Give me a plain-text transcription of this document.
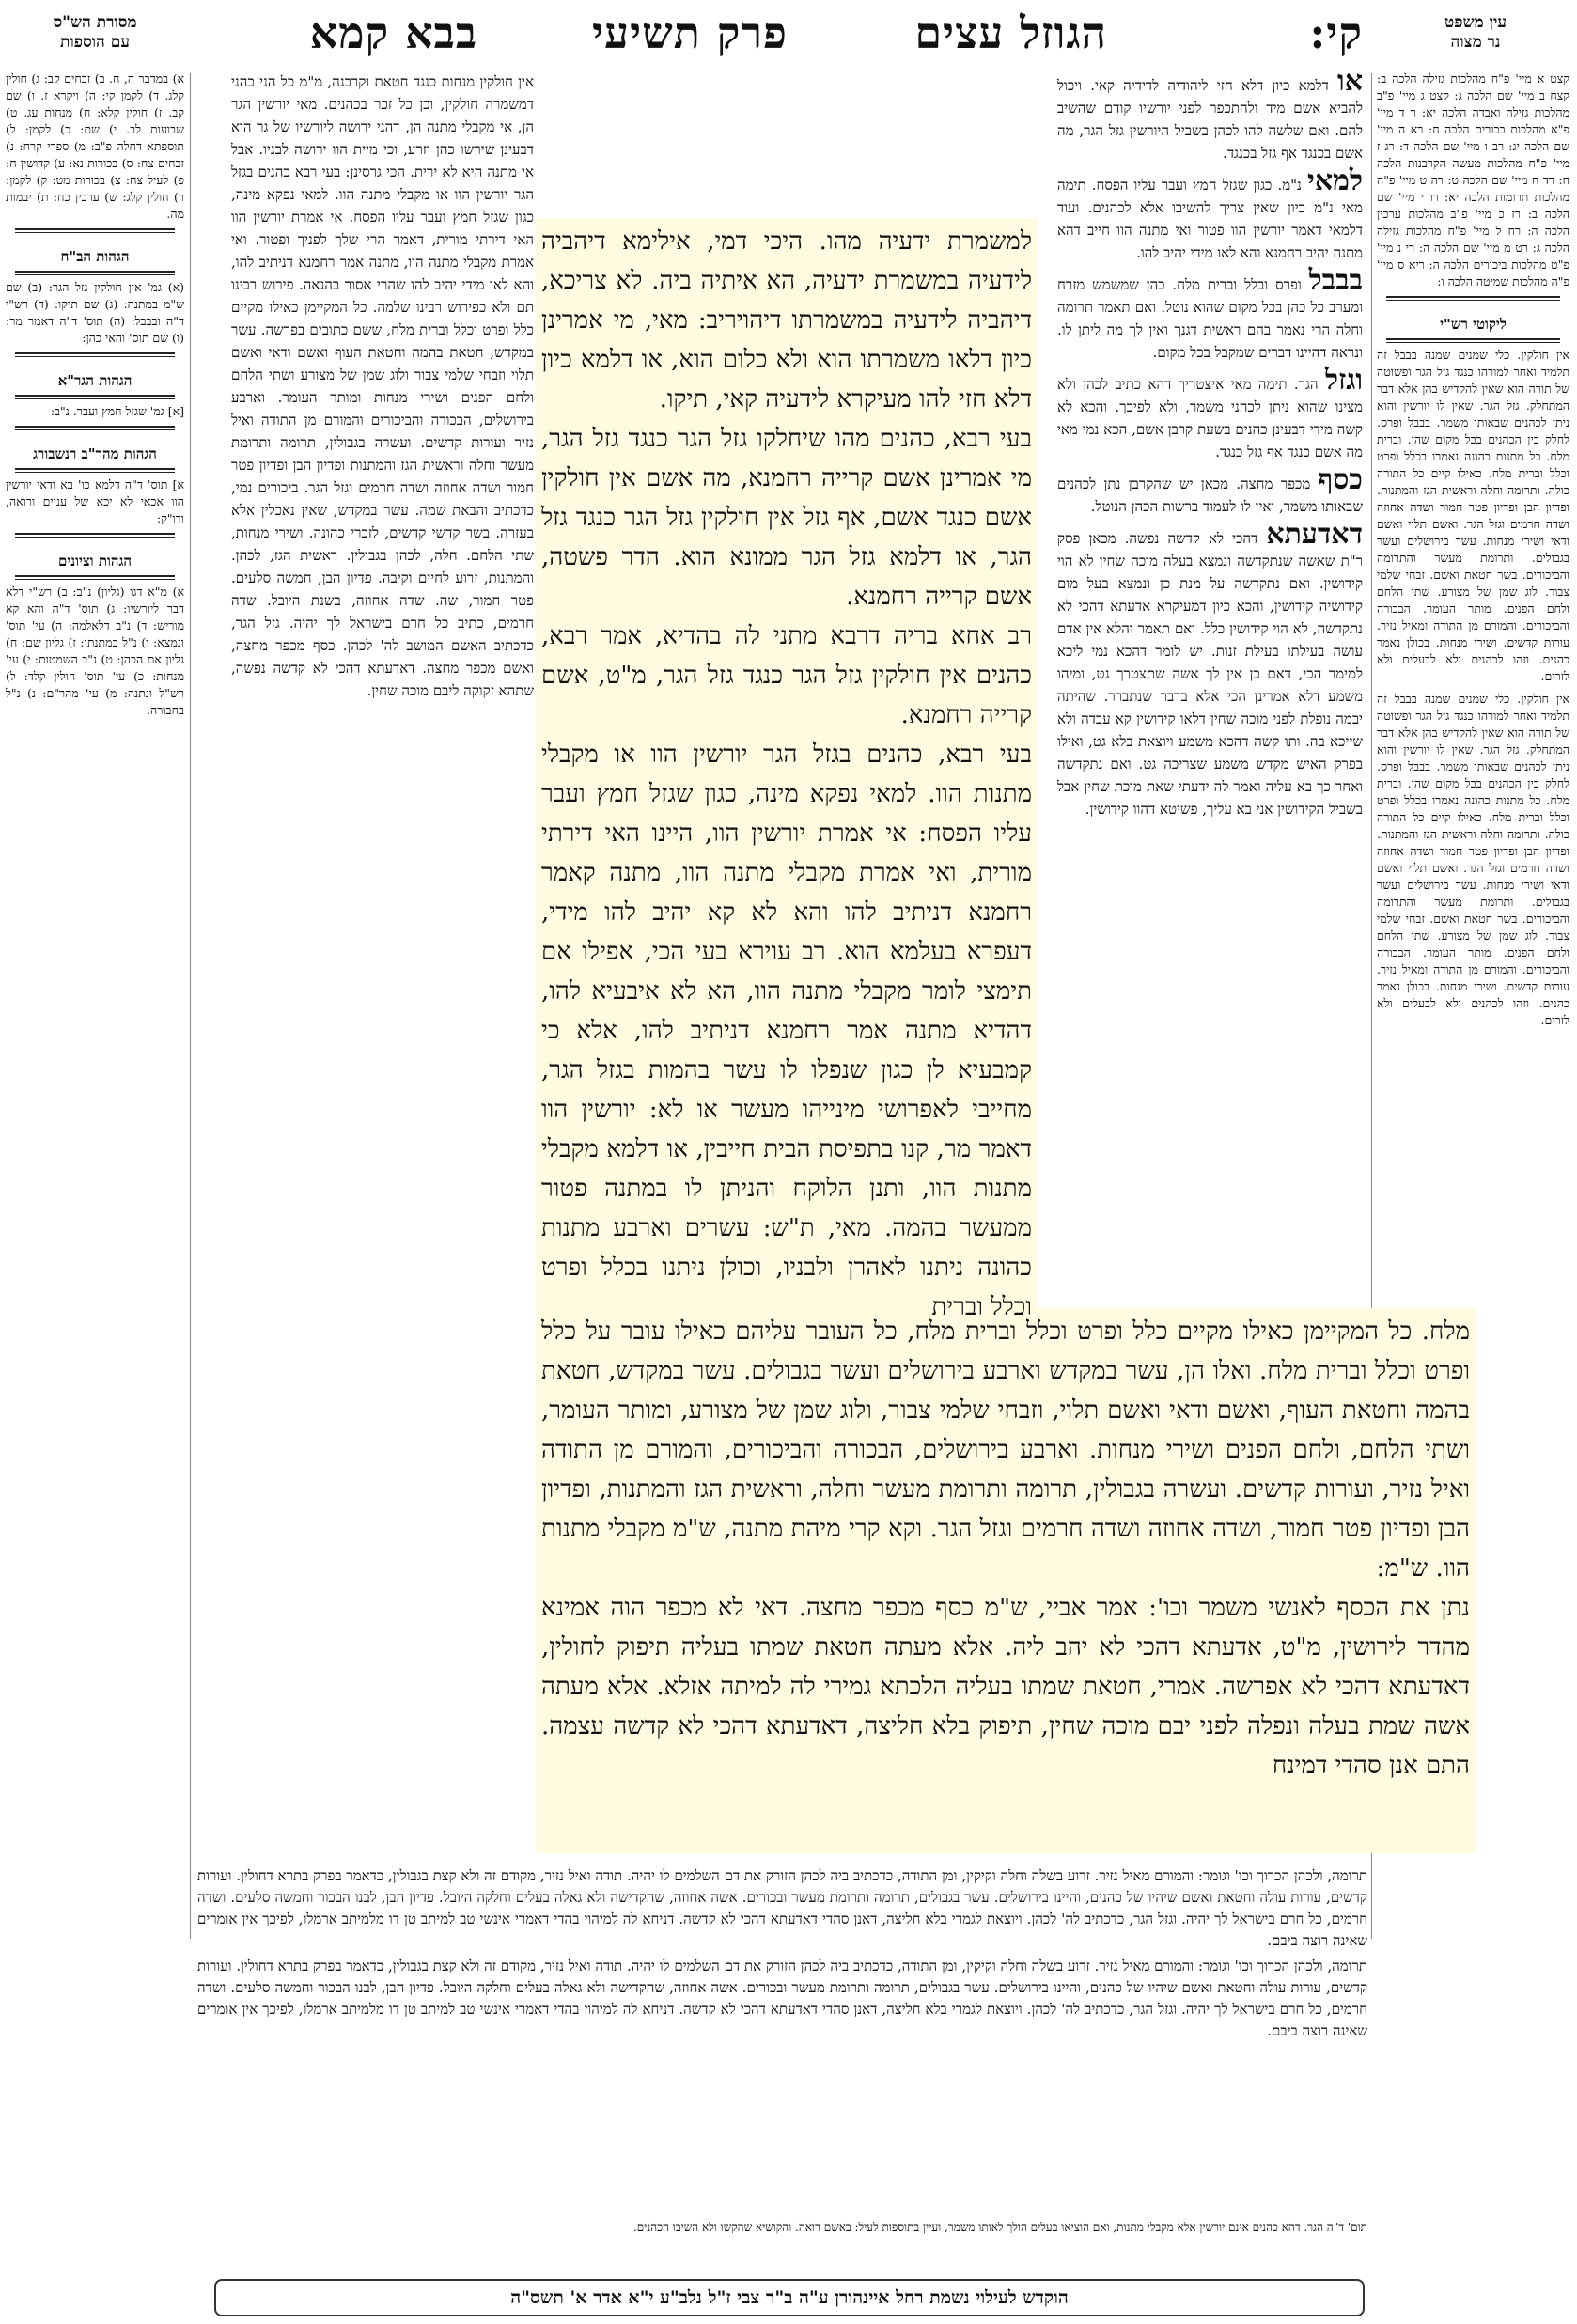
עין משפט
נר מצוה
קי:
הגוזל עצים
פרק תשיעי
בבא קמא
מסורת הש"ס
עם הוספות

קצט א מיי' פ"ח מהלכות גזילה הלכה ב: קצח ב מיי' שם הלכה ג: קצט ג מיי' פ"ב מהלכות גזילה ואבדה הלכה יא: ר ד מיי' פ"א מהלכות בכורים הלכה ח: רא ה מיי' שם הלכה יג: רב ו מיי' שם הלכה ד: רג ז מיי' פ"ח מהלכות מעשה הקרבנות הלכה ח: רד ח מיי' שם הלכה ט: רה ט מיי' פ"ה מהלכות תרומות הלכה יא: רו י מיי' שם הלכה ב: רז כ מיי' פ"ב מהלכות ערכין הלכה ה: רח ל מיי' פ"ח מהלכות גזילה הלכה ג: רט מ מיי' שם הלכה ה: רי נ מיי' פ"ט מהלכות ביכורים הלכה ה: ריא ס מיי' פ"ה מהלכות שמיטה הלכה ו:

ליקוטי רש"י

אין חולקין. כלי שמנים שמנה בבבל זה תלמיד ואחר למורהו כנגד גזל הגר ופשוטה של תורה הוא שאין להקדיש בהן אלא דבר המתחלק. גזל הגר. שאין לו יורשין והוא ניתן לכהנים שבאותו משמר. בבבל ופרס. לחלק בין הכהנים בכל מקום שהן. וברית מלח. כל מתנות כהונה נאמרו בכלל ופרט וכלל וברית מלח. כאילו קיים כל התורה כולה. ותרומה וחלה וראשית הגז והמתנות. ופדיון הבן ופדיון פטר חמור ושדה אחוזה ושדה חרמים וגזל הגר. ואשם תלוי ואשם ודאי ושירי מנחות. עשר בירושלים ועשר בגבולים. ותרומת מעשר והתרומה והביכורים. בשר חטאת ואשם. זבחי שלמי צבור. לוג שמן של מצורע. שתי הלחם ולחם הפנים. מותר העומר. הבכורה והביכורים. והמורם מן התודה ומאיל נזיר. עורות קדשים. ושירי מנחות. בכולן נאמר כהנים. וזהו לכהנים ולא לבעלים ולא לזרים.

אין חולקין. כלי שמנים שמנה בבבל זה תלמיד ואחר למורהו כנגד גזל הגר ופשוטה של תורה הוא שאין להקדיש בהן אלא דבר המתחלק. גזל הגר. שאין לו יורשין והוא ניתן לכהנים שבאותו משמר. בבבל ופרס. לחלק בין הכהנים בכל מקום שהן. וברית מלח. כל מתנות כהונה נאמרו בכלל ופרט וכלל וברית מלח. כאילו קיים כל התורה כולה. ותרומה וחלה וראשית הגז והמתנות. ופדיון הבן ופדיון פטר חמור ושדה אחוזה ושדה חרמים וגזל הגר. ואשם תלוי ואשם ודאי ושירי מנחות. עשר בירושלים ועשר בגבולים. ותרומת מעשר והתרומה והביכורים. בשר חטאת ואשם. זבחי שלמי צבור. לוג שמן של מצורע. שתי הלחם ולחם הפנים. מותר העומר. הבכורה והביכורים. והמורם מן התודה ומאיל נזיר. עורות קדשים. ושירי מנחות. בכולן נאמר כהנים. וזהו לכהנים ולא לבעלים ולא לזרים.

או דלמא כיון דלא חזי ליהודיה לדידיה קאי. ויכול להביא אשם מיד ולהתכפר לפני יורשיו קודם שהשיב להם. ואם שלשה להו לכהן בשביל היורשין גזל הגר, מה אשם בכנגד אף גזל בכנגד.

למאי נ"מ. כגון שגזל חמץ ועבר עליו הפסח. תימה מאי נ"מ כיון שאין צריך להשיבו אלא לכהנים. ועוד דלמאי דאמר יורשין הוו פטור ואי מתנה הוו חייב דהא מתנה יהיב רחמנא והא לאו מידי יהיב להו.

בבבל ופרס ובלל וברית מלח. כהן שמשמש מזרח ומערב כל כהן בכל מקום שהוא נוטל. ואם תאמר תרומה וחלה הרי נאמר בהם ראשית דגנך ואין לך מה ליתן לו. ונראה דהיינו דברים שמקבל בכל מקום.

וגזל הגר. תימה מאי איצטריך דהא כתיב לכהן ולא מצינו שהוא ניתן לכהני משמר, ולא לפיכך. והכא לא קשה מידי דבעינן כהנים בשעת קרבן אשם, הכא נמי מאי מה אשם כנגד אף גזל כנגד.

כסף מכפר מחצה. מכאן יש שהקרבן נתן לכהנים שבאותו משמר, ואין לו לעמוד ברשות הכהן הנוטל.

דאדעתא דהכי לא קדשה נפשה. מכאן פסק ר"ת שאשה שנתקדשה ונמצא בעלה מוכה שחין לא הוי קידושין. ואם נתקדשה על מנת כן ונמצא בעל מום קידושיה קידושין, והכא כיון דמעיקרא אדעתא דהכי לא נתקדשה, לא הוי קידושין כלל. ואם תאמר והלא אין אדם עושה בעילתו בעילת זנות. יש לומר דהכא נמי ליכא למימר הכי, דאם כן אין לך אשה שתצטרך גט, ומיהו משמע דלא אמרינן הכי אלא בדבר שנתברר. שהיתה יבמה נופלת לפני מוכה שחין דלאו קידושין קא עבדה ולא שייכא בה. ותו קשה דהכא משמע ויוצאת בלא גט, ואילו בפרק האיש מקדש משמע שצריכה גט. ואם נתקדשה ואחר כך בא עליה ואמר לה ידעתי שאת מוכת שחין אבל בשביל הקידושין אני בא עליך, פשיטא דהוו קידושין.

אין חולקין מנחות כנגד חטאת וקרבנה, מ"מ כל הני כהני דמשמרה חולקין, וכן כל זכר בכהנים. מאי יורשין הגר הן, אי מקבלי מתנה הן, דהני ירושה ליורשיו של גר הוא דבעינן שירשו כהן וזרע, וכי מיית הוו ירושה לבניו. אבל אי מתנה היא לא ירית. הכי גרסינן: בעי רבא כהנים בגזל הגר יורשין הוו או מקבלי מתנה הוו. למאי נפקא מינה, כגון שגזל חמץ ועבר עליו הפסח. אי אמרת יורשין הוו האי דירתי מורית, דאמר הרי שלך לפניך ופטור. ואי אמרת מקבלי מתנה הוו, מתנה אמר רחמנא דניתיב להו, והא לאו מידי יהיב להו שהרי אסור בהנאה. פירוש רבינו תם ולא כפירוש רבינו שלמה. כל המקיימן כאילו מקיים כלל ופרט וכלל וברית מלח, ששם כתובים בפרשה. עשר במקדש, חטאת בהמה וחטאת העוף ואשם ודאי ואשם תלוי וזבחי שלמי צבור ולוג שמן של מצורע ושתי הלחם ולחם הפנים ושירי מנחות ומותר העומר. וארבע בירושלים, הבכורה והביכורים והמורם מן התודה ואיל נזיר ועורות קדשים. ועשרה בגבולין, תרומה ותרומת מעשר וחלה וראשית הגז והמתנות ופדיון הבן ופדיון פטר חמור ושדה אחוזה ושדה חרמים וגזל הגר. ביכורים נמי, כדכתיב והבאת שמה. עשר במקדש, שאין נאכלין אלא בעזרה. בשר קדשי קדשים, לזכרי כהונה. ושירי מנחות, שתי הלחם. חלה, לכהן בגבולין. ראשית הגז, לכהן. והמתנות, זרוע לחיים וקיבה. פדיון הבן, חמשה סלעים. פטר חמור, שה. שדה אחוזה, בשנת היובל. שדה חרמים, כתיב כל חרם בישראל לך יהיה. גזל הגר, כדכתיב האשם המושב לה' לכהן. כסף מכפר מחצה, ואשם מכפר מחצה. דאדעתא דהכי לא קדשה נפשה, שתהא זקוקה ליבם מוכה שחין.

למשמרת ידעיה מהו. היכי דמי, אילימא דיהביה לידעיה במשמרת ידעיה, הא איתיה ביה. לא צריכא, דיהביה לידעיה במשמרתו דיהויריב: מאי, מי אמרינן כיון דלאו משמרתו הוא ולא כלום הוא, או דלמא כיון דלא חזי להו מעיקרא לידעיה קאי, תיקו.

בעי רבא, כהנים מהו שיחלקו גזל הגר כנגד גזל הגר, מי אמרינן אשם קרייה רחמנא, מה אשם אין חולקין אשם כנגד אשם, אף גזל אין חולקין גזל הגר כנגד גזל הגר, או דלמא גזל הגר ממונא הוא. הדר פשטה, אשם קרייה רחמנא.

רב אחא בריה דרבא מתני לה בהדיא, אמר רבא, כהנים אין חולקין גזל הגר כנגד גזל הגר, מ"ט, אשם קרייה רחמנא.

בעי רבא, כהנים בגזל הגר יורשין הוו או מקבלי מתנות הוו. למאי נפקא מינה, כגון שגזל חמץ ועבר עליו הפסח: אי אמרת יורשין הוו, היינו האי דירתי מורית, ואי אמרת מקבלי מתנה הוו, מתנה קאמר רחמנא דניתיב להו והא לא קא יהיב להו מידי, דעפרא בעלמא הוא. רב עוירא בעי הכי, אפילו אם תימצי לומר מקבלי מתנה הוו, הא לא איבעיא להו, דהדיא מתנה אמר רחמנא דניתיב להו, אלא כי קמבעיא לן כגון שנפלו לו עשר בהמות בגזל הגר, מחייבי לאפרושי מינייהו מעשר או לא: יורשין הוו דאמר מר, קנו בתפיסת הבית חייבין, או דלמא מקבלי מתנות הוו, ותנן הלוקח והניתן לו במתנה פטור ממעשר בהמה. מאי, ת"ש: עשרים וארבע מתנות כהונה ניתנו לאהרן ולבניו, וכולן ניתנו בכלל ופרט וכלל וברית

מלח. כל המקיימן כאילו מקיים כלל ופרט וכלל וברית מלח, כל העובר עליהם כאילו עובר על כלל ופרט וכלל וברית מלח. ואלו הן, עשר במקדש וארבע בירושלים ועשר בגבולים. עשר במקדש, חטאת בהמה וחטאת העוף, ואשם ודאי ואשם תלוי, וזבחי שלמי צבור, ולוג שמן של מצורע, ומותר העומר, ושתי הלחם, ולחם הפנים ושירי מנחות. וארבע בירושלים, הבכורה והביכורים, והמורם מן התודה ואיל נזיר, ועורות קדשים. ועשרה בגבולין, תרומה ותרומת מעשר וחלה, וראשית הגז והמתנות, ופדיון הבן ופדיון פטר חמור, ושדה אחוזה ושדה חרמים וגזל הגר. וקא קרי מיהת מתנה, ש"מ מקבלי מתנות הוו. ש"מ:

נתן את הכסף לאנשי משמר וכו': אמר אביי, ש"מ כסף מכפר מחצה. דאי לא מכפר הוה אמינא מהדר לירושין, מ"ט, אדעתא דהכי לא יהב ליה. אלא מעתה חטאת שמתו בעליה תיפוק לחולין, דאדעתא דהכי לא אפרשה. אמרי, חטאת שמתו בעליה הלכתא גמירי לה למיתה אזלא. אלא מעתה אשה שמת בעלה ונפלה לפני יבם מוכה שחין, תיפוק בלא חליצה, דאדעתא דהכי לא קדשה עצמה. התם אנן סהדי דמינח

א) במדבר ה, ח. ב) זבחים קב: ג) חולין קלג. ד) לקמן קי: ה) ויקרא ז. ו) שם קב. ז) חולין קלא: ח) מנחות עג. ט) שבועות לב. י) שם: כ) לקמן: ל) תוספתא דחלה פ"ב: מ) ספרי קרח: נ) זבחים צח: ס) בכורות נא: ע) קדושין ח: פ) לעיל צח: צ) בכורות מט: ק) לקמן: ר) חולין קלג: ש) ערכין כח: ת) יבמות מה.

הגהות הב"ח

(א) גמ' אין חולקין גזל הגר: (ב) שם ש"מ במתנה: (ג) שם תיקו: (ד) רש"י ד"ה ובבבל: (ה) תוס' ד"ה דאמר מר: (ו) שם תוס' והאי כהן:

הגהות הגר"א

[א] גמ' שגזל חמץ ועבר. נ"ב:

הגהות מהר"ב רנשבורג

א] תוס' ד"ה דלמא כו' בא ודאי יורשין הוו אכאי לא יכא של עניים ורואה, ודו"ק:

הגהות וציונים

א) מ"א דגו (גליון) נ"ב: ב) רש"י דלא דבר ליורשיו: ג) תוס' ד"ה והא קא מוריש: ד) נ"ב דלאלמה: ה) עי' תוס' ונמצא: ו) נ"ל במתנתו: ז) גליון שם: ח) גליון אם הכהן: ט) נ"ב השמטות: י) עי' מנחות: כ) עי' תוס' חולין קלד: ל) רש"ל ונתנה: מ) עי' מהר"ם: נ) נ"ל בחבורה:

תרומה, ולכהן הכרוך וכו' וגומר: והמורם מאיל נזיר. זרוע בשלה וחלה וקיקין, ומן התודה, כדכתיב ביה לכהן הזורק את דם השלמים לו יהיה. תודה ואיל נזיר, מקודם זה ולא קצת בגבולין, כדאמר בפרק בתרא דחולין. ועורות קדשים, עורות עולה וחטאת ואשם שיהיו של כהנים, והיינו בירושלים. עשר בגבולים, תרומה ותרומת מעשר ובכורים. אשה אחוזה, שהקדישה ולא גאלה בעלים וחלקה היובל. פדיון הבן, לבנו הבכור וחמשה סלעים. ושדה חרמים, כל חרם בישראל לך יהיה. וגזל הגר, כדכתיב לה' לכהן. ויוצאת לגמרי בלא חליצה, דאנן סהדי דאדעתא דהכי לא קדשה. דניחא לה למיהוי בהדי דאמרי אינשי טב למיתב טן דו מלמיתב ארמלו, לפיכך אין אומרים שאינה רוצה ביבם.

תרומה, ולכהן הכרוך וכו' וגומר: והמורם מאיל נזיר. זרוע בשלה וחלה וקיקין, ומן התודה, כדכתיב ביה לכהן הזורק את דם השלמים לו יהיה. תודה ואיל נזיר, מקודם זה ולא קצת בגבולין, כדאמר בפרק בתרא דחולין. ועורות קדשים, עורות עולה וחטאת ואשם שיהיו של כהנים, והיינו בירושלים. עשר בגבולים, תרומה ותרומת מעשר ובכורים. אשה אחוזה, שהקדישה ולא גאלה בעלים וחלקה היובל. פדיון הבן, לבנו הבכור וחמשה סלעים. ושדה חרמים, כל חרם בישראל לך יהיה. וגזל הגר, כדכתיב לה' לכהן. ויוצאת לגמרי בלא חליצה, דאנן סהדי דאדעתא דהכי לא קדשה. דניחא לה למיהוי בהדי דאמרי אינשי טב למיתב טן דו מלמיתב ארמלו, לפיכך אין אומרים שאינה רוצה ביבם.

תום' ד"ה הגר. דהא כהנים אינם יורשין אלא מקבלי מתנות, ואם הוציאו בעלים הולך לאותו משמר, ועיין בתוספות לעיל: באשם רואה. והקושיא שהקשו ולא השיבו הכהנים.
הוקדש לעילוי נשמת רחל איינהורן ע"ה ב"ר צבי ז"ל נלב"ע י"א אדר א' תשס"ה
